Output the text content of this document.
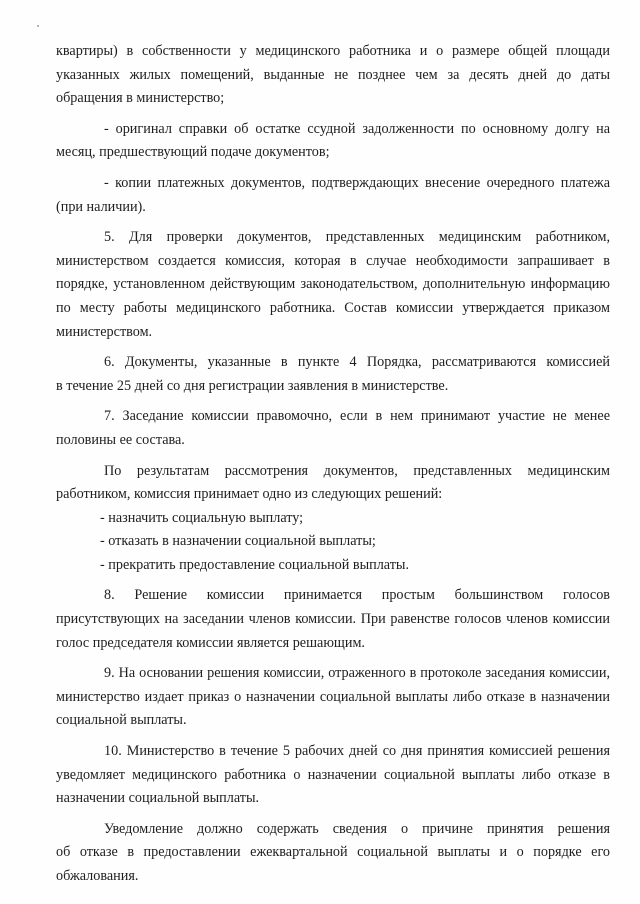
квартиры) в собственности у медицинского работника и о размере общей площади
указанных жилых помещений, выданные не позднее чем за десять дней до даты
обращения в министерство;
- оригинал справки об остатке ссудной задолженности по основному долгу на
месяц, предшествующий подаче документов;
- копии платежных документов, подтверждающих внесение очередного платежа
(при наличии).
5. Для проверки документов, представленных медицинским работником,
министерством создается комиссия, которая в случае необходимости запрашивает в
порядке, установленном действующим законодательством, дополнительную информацию
по месту работы медицинского работника. Состав комиссии утверждается приказом
министерством.
6. Документы, указанные в пункте 4 Порядка, рассматриваются комиссией
в течение 25 дней со дня регистрации заявления в министерстве.
7. Заседание комиссии правомочно, если в нем принимают участие не менее
половины ее состава.
По результатам рассмотрения документов, представленных медицинским
работником, комиссия принимает одно из следующих решений:
- назначить социальную выплату;
- отказать в назначении социальной выплаты;
- прекратить предоставление социальной выплаты.
8. Решение комиссии принимается простым большинством голосов
присутствующих на заседании членов комиссии. При равенстве голосов членов комиссии
голос председателя комиссии является решающим.
9. На основании решения комиссии, отраженного в протоколе заседания комиссии,
министерство издает приказ о назначении социальной выплаты либо отказе в назначении
социальной выплаты.
10. Министерство в течение 5 рабочих дней со дня принятия комиссией решения
уведомляет медицинского работника о назначении социальной выплаты либо отказе в
назначении социальной выплаты.
Уведомление должно содержать сведения о причине принятия решения
об отказе в предоставлении ежеквартальной социальной выплаты и о порядке его
обжалования.
